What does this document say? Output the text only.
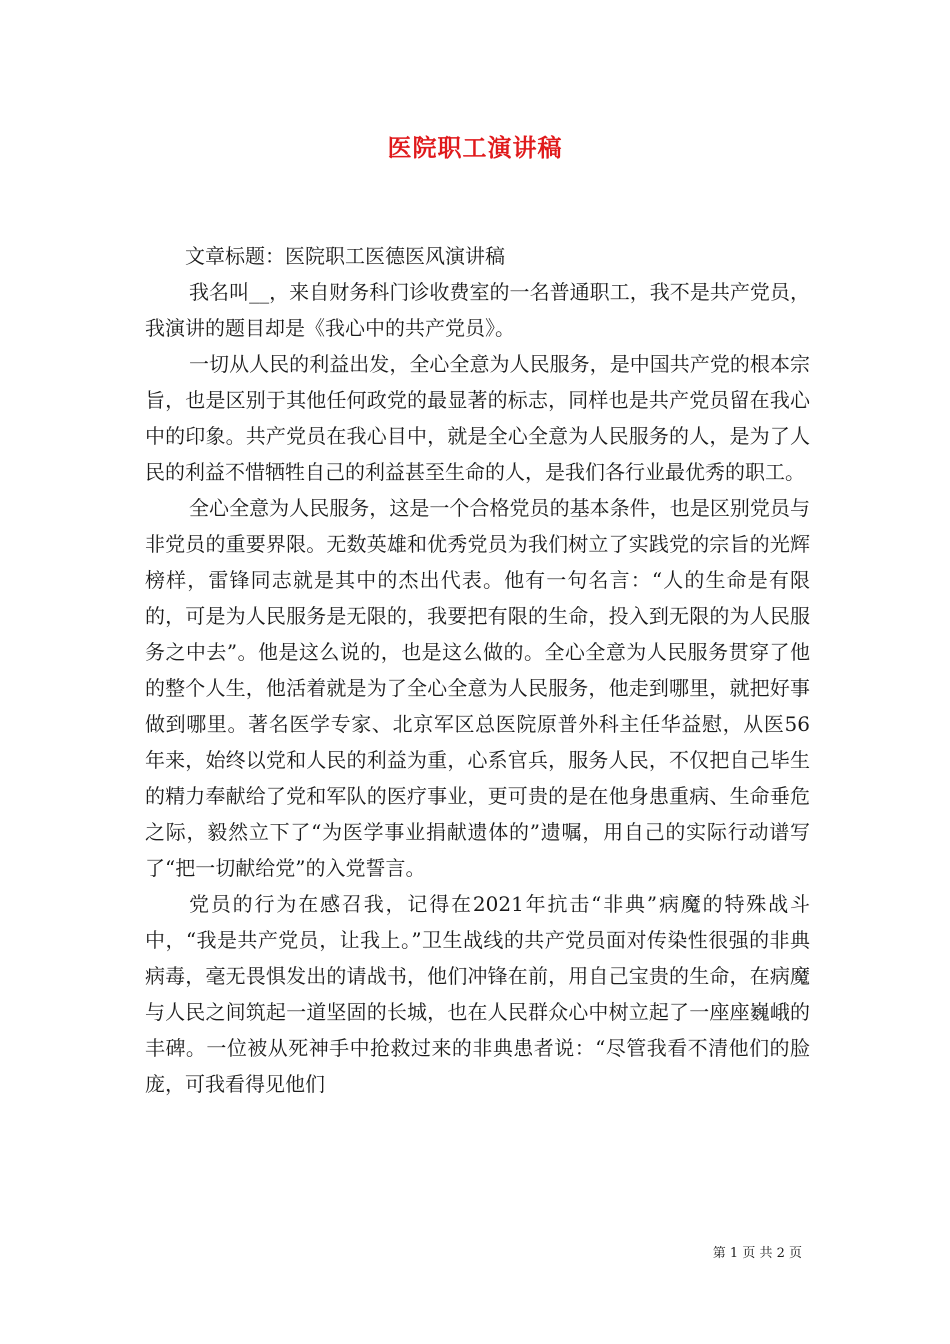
医院职工演讲稿

文章标题：医院职工医德医风演讲稿

我名叫__，来自财务科门诊收费室的一名普通职工，我不是共产党员，我演讲的题目却是《我心中的共产党员》。

一切从人民的利益出发，全心全意为人民服务，是中国共产党的根本宗旨，也是区别于其他任何政党的最显著的标志，同样也是共产党员留在我心中的印象。共产党员在我心目中，就是全心全意为人民服务的人，是为了人民的利益不惜牺牲自己的利益甚至生命的人，是我们各行业最优秀的职工。

全心全意为人民服务，这是一个合格党员的基本条件，也是区别党员与非党员的重要界限。无数英雄和优秀党员为我们树立了实践党的宗旨的光辉榜样，雷锋同志就是其中的杰出代表。他有一句名言：“人的生命是有限的，可是为人民服务是无限的，我要把有限的生命，投入到无限的为人民服务之中去”。他是这么说的，也是这么做的。全心全意为人民服务贯穿了他的整个人生，他活着就是为了全心全意为人民服务，他走到哪里，就把好事做到哪里。著名医学专家、北京军区总医院原普外科主任华益慰，从医56年来，始终以党和人民的利益为重，心系官兵，服务人民，不仅把自己毕生的精力奉献给了党和军队的医疗事业，更可贵的是在他身患重病、生命垂危之际，毅然立下了“为医学事业捐献遗体的”遗嘱，用自己的实际行动谱写了“把一切献给党”的入党誓言。

党员的行为在感召我，记得在2021年抗击“非典”病魔的特殊战斗中，“我是共产党员，让我上。”卫生战线的共产党员面对传染性很强的非典病毒，毫无畏惧发出的请战书，他们冲锋在前，用自己宝贵的生命，在病魔与人民之间筑起一道坚固的长城，也在人民群众心中树立起了一座座巍峨的丰碑。一位被从死神手中抢救过来的非典患者说：“尽管我看不清他们的脸庞，可我看得见他们

第 1 页 共 2 页
